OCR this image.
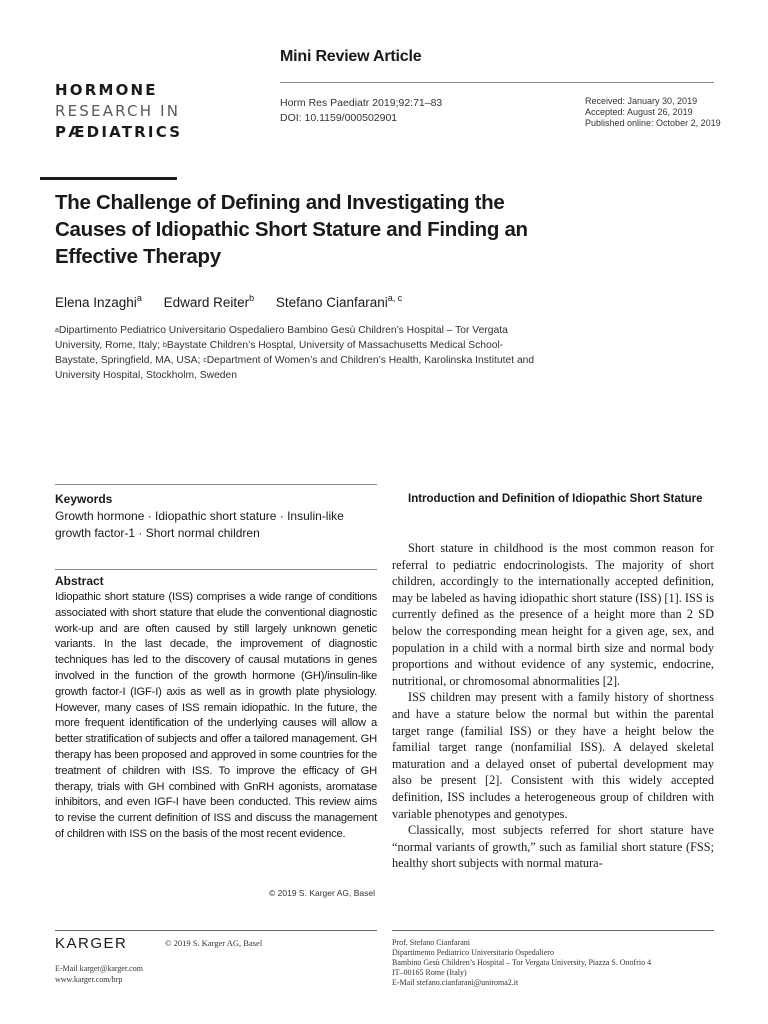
HORMONE
RESEARCH IN
PÆDIATRICS
Mini Review Article
Horm Res Paediatr 2019;92:71–83
DOI: 10.1159/000502901
Received: January 30, 2019
Accepted: August 26, 2019
Published online: October 2, 2019
The Challenge of Defining and Investigating the Causes of Idiopathic Short Stature and Finding an Effective Therapy
Elena Inzaghi$^a$ Edward Reiter$^b$ Stefano Cianfarani$^{a, c}$
$^a$Dipartimento Pediatrico Universitario Ospedaliero Bambino Gesù Children’s Hospital – Tor Vergata University, Rome, Italy; $^b$Baystate Children’s Hosptal, University of Massachusetts Medical School-Baystate, Springfield, MA, USA; $^c$Department of Women’s and Children’s Health, Karolinska Institutet and University Hospital, Stockholm, Sweden
Keywords
Growth hormone · Idiopathic short stature · Insulin-like growth factor-1 · Short normal children
Abstract
Idiopathic short stature (ISS) comprises a wide range of conditions associated with short stature that elude the conventional diagnostic work-up and are often caused by still largely unknown genetic variants. In the last decade, the improvement of diagnostic techniques has led to the discovery of causal mutations in genes involved in the function of the growth hormone (GH)/insulin-like growth factor-I (IGF-I) axis as well as in growth plate physiology. However, many cases of ISS remain idiopathic. In the future, the more frequent identification of the underlying causes will allow a better stratification of subjects and offer a tailored management. GH therapy has been proposed and approved in some countries for the treatment of children with ISS. To improve the efficacy of GH therapy, trials with GH combined with GnRH agonists, aromatase inhibitors, and even IGF-I have been conducted. This review aims to revise the current definition of ISS and discuss the management of children with ISS on the basis of the most recent evidence.
© 2019 S. Karger AG, Basel
Introduction and Definition of Idiopathic Short Stature

Short stature in childhood is the most common reason for referral to pediatric endocrinologists. The majority of short children, accordingly to the internationally accepted definition, may be labeled as having idiopathic short stature (ISS) [1]. ISS is currently defined as the presence of a height more than 2 SD below the corresponding mean height for a given age, sex, and population in a child with a normal birth size and normal body proportions and without evidence of any systemic, endocrine, nutritional, or chromosomal abnormalities [2].

ISS children may present with a family history of shortness and have a stature below the normal but within the parental target range (familial ISS) or they have a height below the familial target range (nonfamilial ISS). A delayed skeletal maturation and a delayed onset of pubertal development may also be present [2]. Consistent with this widely accepted definition, ISS includes a heterogeneous group of children with variable phenotypes and genotypes.

Classically, most subjects referred for short stature have “normal variants of growth,” such as familial short stature (FSS; healthy short subjects with normal matura-

KARGER	© 2019 S. Karger AG, Basel
E-Mail karger@karger.com
www.karger.com/hrp
Prof. Stefano Cianfarani
Dipartimento Pediatrico Universitario Ospedaliero
Bambino Gesù Children’s Hospital – Tor Vergata University, Piazza S. Onofrio 4
IT–00165 Rome (Italy)
E-Mail stefano.cianfarani@uniroma2.it
